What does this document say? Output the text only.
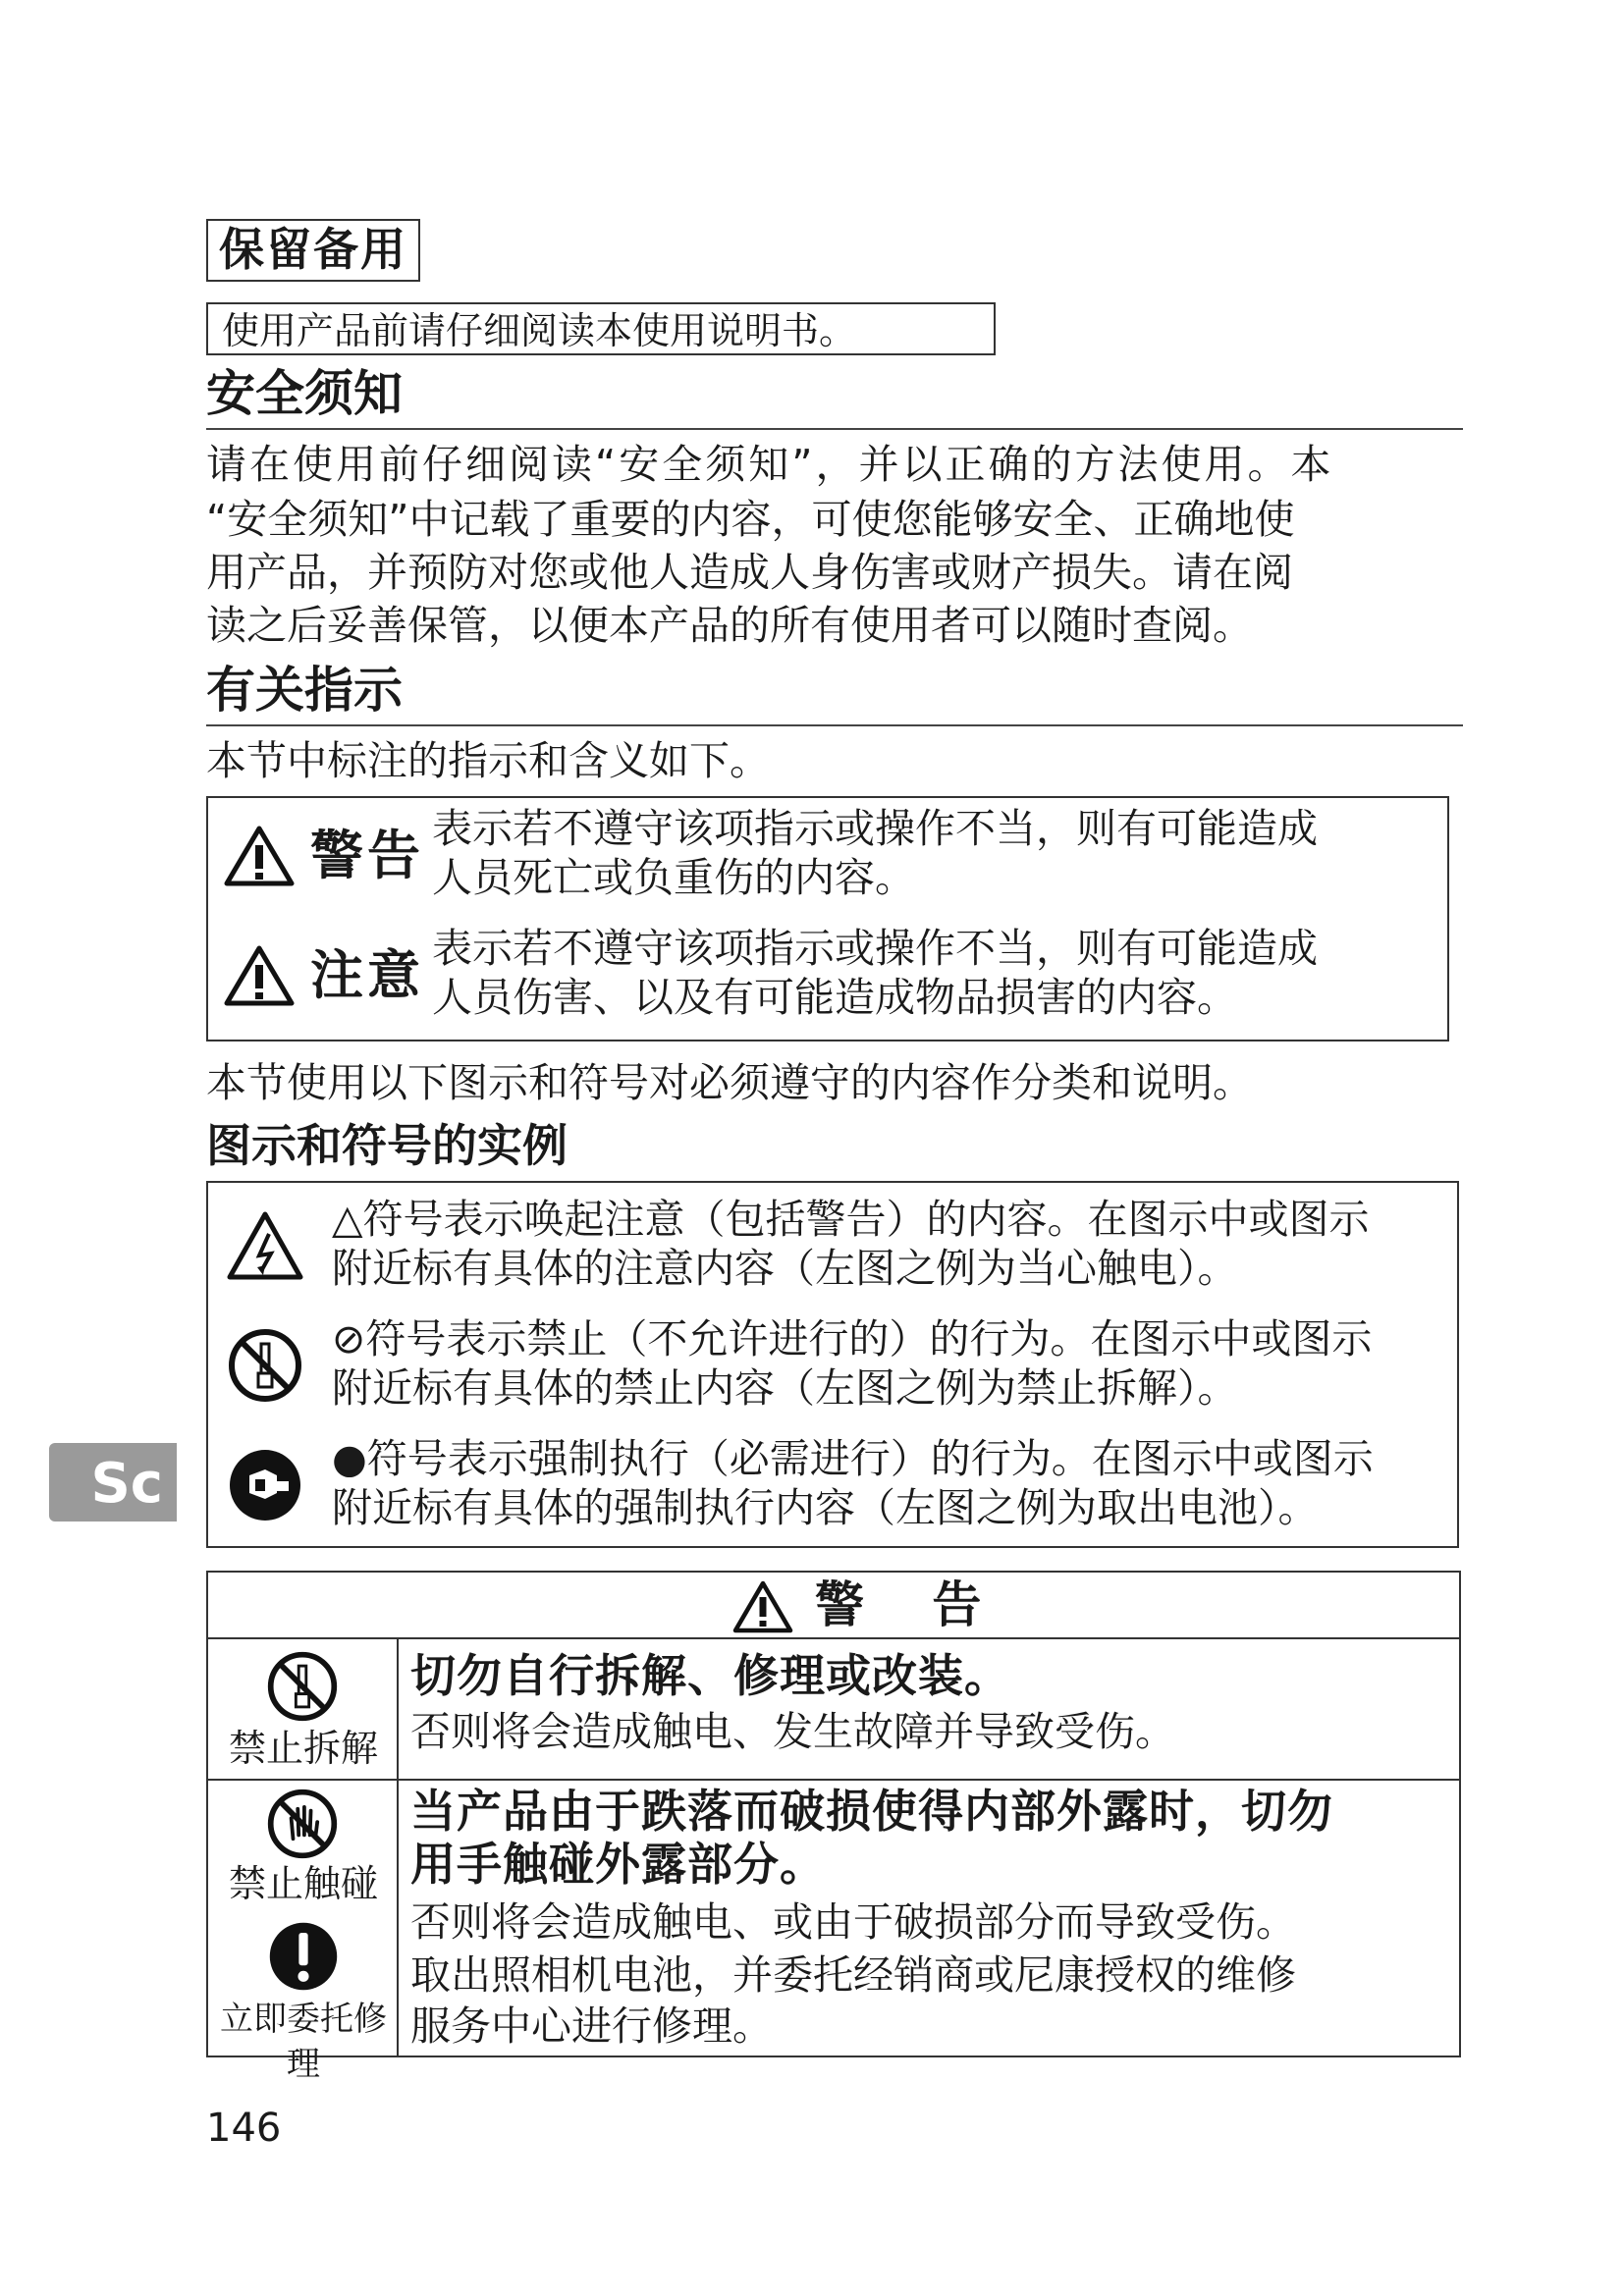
保留备用
使用产品前请仔细阅读本使用说明书。
安全须知
请在使用前仔细阅读“安全须知”，并以正确的方法使用。本
“安全须知”中记载了重要的内容，可使您能够安全、正确地使
用产品，并预防对您或他人造成人身伤害或财产损失。请在阅
读之后妥善保管，以便本产品的所有使用者可以随时查阅。
有关指示
本节中标注的指示和含义如下。
警告 表示若不遵守该项指示或操作不当，则有可能造成
人员死亡或负重伤的内容。
注意 表示若不遵守该项指示或操作不当，则有可能造成
人员伤害、以及有可能造成物品损害的内容。
本节使用以下图示和符号对必须遵守的内容作分类和说明。
图示和符号的实例
△符号表示唤起注意（包括警告）的内容。在图示中或图示
附近标有具体的注意内容（左图之例为当心触电）。
⊘符号表示禁止（不允许进行的）的行为。在图示中或图示
附近标有具体的禁止内容（左图之例为禁止拆解）。
●符号表示强制执行（必需进行）的行为。在图示中或图示
附近标有具体的强制执行内容（左图之例为取出电池）。
警 告
禁止拆解
切勿自行拆解、修理或改装。
否则将会造成触电、发生故障并导致受伤。
禁止触碰
立即委托修理
当产品由于跌落而破损使得内部外露时，切勿
用手触碰外露部分。
否则将会造成触电、或由于破损部分而导致受伤。
取出照相机电池，并委托经销商或尼康授权的维修
服务中心进行修理。
Sc
146
